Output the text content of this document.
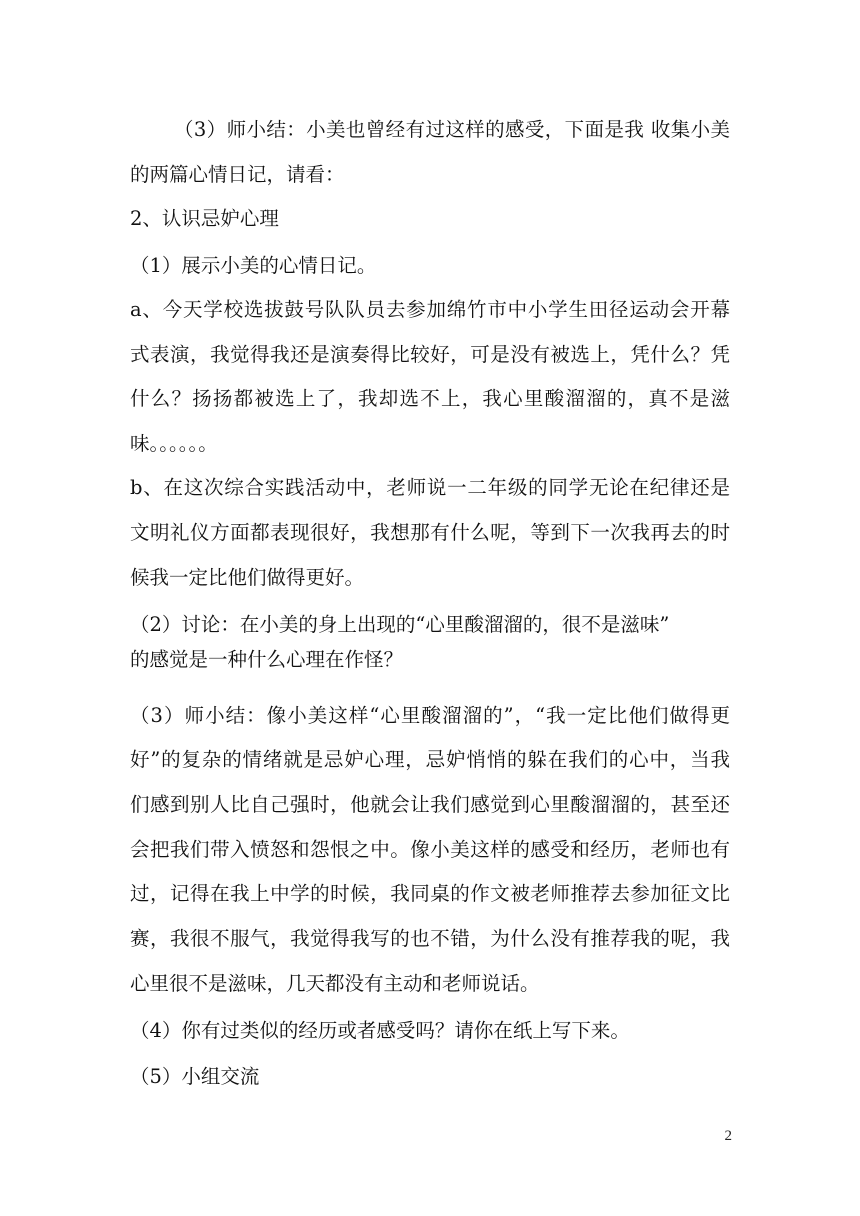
（3）师小结：小美也曾经有过这样的感受，下面是我 收集小美
的两篇心情日记，请看：
2、认识忌妒心理
（1）展示小美的心情日记。
a、今天学校选拔鼓号队队员去参加绵竹市中小学生田径运动会开幕
式表演，我觉得我还是演奏得比较好，可是没有被选上，凭什么？凭
什么？扬扬都被选上了，我却选不上，我心里酸溜溜的，真不是滋
味。。。。。。
b、在这次综合实践活动中，老师说一二年级的同学无论在纪律还是
文明礼仪方面都表现很好，我想那有什么呢，等到下一次我再去的时
候我一定比他们做得更好。
（2）讨论：在小美的身上出现的“心里酸溜溜的，很不是滋味”
的感觉是一种什么心理在作怪？
（3）师小结：像小美这样“心里酸溜溜的”，“我一定比他们做得更
好”的复杂的情绪就是忌妒心理，忌妒悄悄的躲在我们的心中，当我
们感到别人比自己强时，他就会让我们感觉到心里酸溜溜的，甚至还
会把我们带入愤怒和怨恨之中。像小美这样的感受和经历，老师也有
过，记得在我上中学的时候，我同桌的作文被老师推荐去参加征文比
赛，我很不服气，我觉得我写的也不错，为什么没有推荐我的呢，我
心里很不是滋味，几天都没有主动和老师说话。
（4）你有过类似的经历或者感受吗？请你在纸上写下来。
（5）小组交流
2
